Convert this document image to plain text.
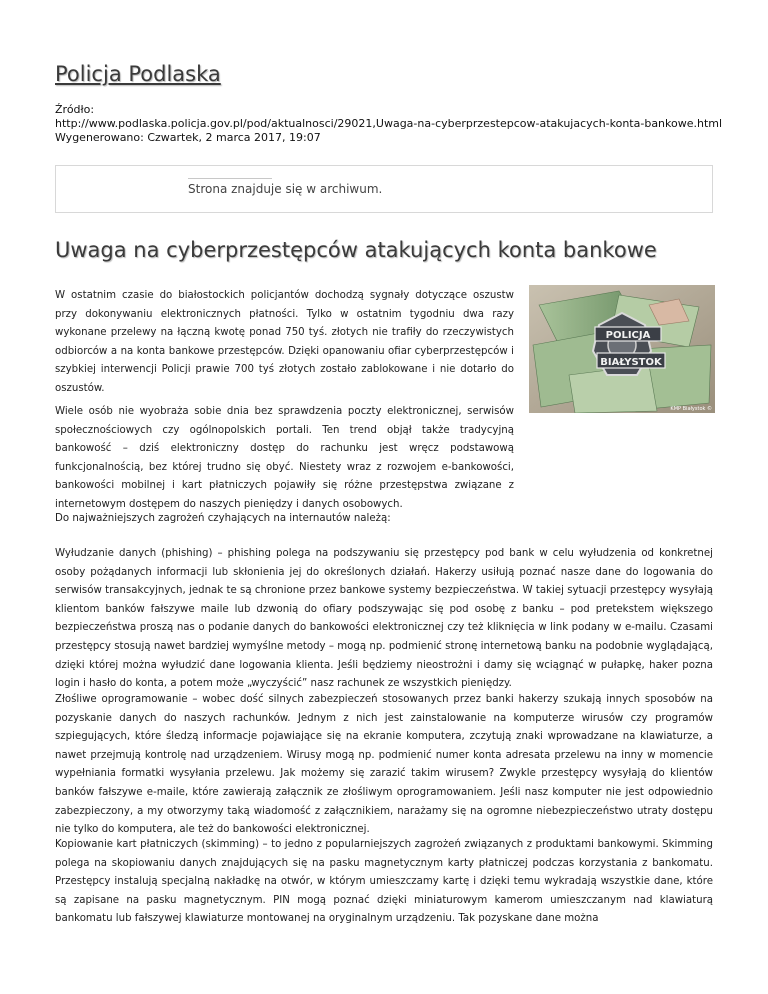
Policja Podlaska
Źródło:
http://www.podlaska.policja.gov.pl/pod/aktualnosci/29021,Uwaga-na-cyberprzestepcow-atakujacych-konta-bankowe.html
Wygenerowano: Czwartek, 2 marca 2017, 19:07
Strona znajduje się w archiwum.
Uwaga na cyberprzestępców atakujących konta bankowe
POLICJA
BIAŁYSTOK
KMP Białystok ©

W ostatnim czasie do białostockich policjantów dochodzą sygnały dotyczące oszustw przy dokonywaniu elektronicznych płatności. Tylko w ostatnim tygodniu dwa razy wykonane przelewy na łączną kwotę ponad 750 tyś. złotych nie trafiły do rzeczywistych odbiorców a na konta bankowe przestępców. Dzięki opanowaniu ofiar cyberprzestępców i szybkiej interwencji Policji prawie 700 tyś złotych zostało zablokowane i nie dotarło do oszustów.

Wiele osób nie wyobraża sobie dnia bez sprawdzenia poczty elektronicznej, serwisów społecznościowych czy ogólnopolskich portali. Ten trend objął także tradycyjną bankowość – dziś elektroniczny dostęp do rachunku jest wręcz podstawową funkcjonalnością, bez której trudno się obyć. Niestety wraz z rozwojem e-bankowości, bankowości mobilnej i kart płatniczych pojawiły się różne przestępstwa związane z internetowym dostępem do naszych pieniędzy i danych osobowych.

Do najważniejszych zagrożeń czyhających na internautów należą:

Wyłudzanie danych (phishing) – phishing polega na podszywaniu się przestępcy pod bank w celu wyłudzenia od konkretnej osoby pożądanych informacji lub skłonienia jej do określonych działań. Hakerzy usiłują poznać nasze dane do logowania do serwisów transakcyjnych, jednak te są chronione przez bankowe systemy bezpieczeństwa. W takiej sytuacji przestępcy wysyłają klientom banków fałszywe maile lub dzwonią do ofiary podszywając się pod osobę z banku – pod pretekstem większego bezpieczeństwa proszą nas o podanie danych do bankowości elektronicznej czy też kliknięcia w link podany w e-mailu. Czasami przestępcy stosują nawet bardziej wymyślne metody – mogą np. podmienić stronę internetową banku na podobnie wyglądającą, dzięki której można wyłudzić dane logowania klienta. Jeśli będziemy nieostrożni i damy się wciągnąć w pułapkę, haker pozna login i hasło do konta, a potem może „wyczyścić” nasz rachunek ze wszystkich pieniędzy.

Złośliwe oprogramowanie – wobec dość silnych zabezpieczeń stosowanych przez banki hakerzy szukają innych sposobów na pozyskanie danych do naszych rachunków. Jednym z nich jest zainstalowanie na komputerze wirusów czy programów szpiegujących, które śledzą informacje pojawiające się na ekranie komputera, zczytują znaki wprowadzane na klawiaturze, a nawet przejmują kontrolę nad urządzeniem. Wirusy mogą np. podmienić numer konta adresata przelewu na inny w momencie wypełniania formatki wysyłania przelewu. Jak możemy się zarazić takim wirusem? Zwykle przestępcy wysyłają do klientów banków fałszywe e-maile, które zawierają załącznik ze złośliwym oprogramowaniem. Jeśli nasz komputer nie jest odpowiednio zabezpieczony, a my otworzymy taką wiadomość z załącznikiem, narażamy się na ogromne niebezpieczeństwo utraty dostępu nie tylko do komputera, ale też do bankowości elektronicznej.

Kopiowanie kart płatniczych (skimming) – to jedno z popularniejszych zagrożeń związanych z produktami bankowymi. Skimming polega na skopiowaniu danych znajdujących się na pasku magnetycznym karty płatniczej podczas korzystania z bankomatu. Przestępcy instalują specjalną nakładkę na otwór, w którym umieszczamy kartę i dzięki temu wykradają wszystkie dane, które są zapisane na pasku magnetycznym. PIN mogą poznać dzięki miniaturowym kamerom umieszczanym nad klawiaturą bankomatu lub fałszywej klawiaturze montowanej na oryginalnym urządzeniu. Tak pozyskane dane można
